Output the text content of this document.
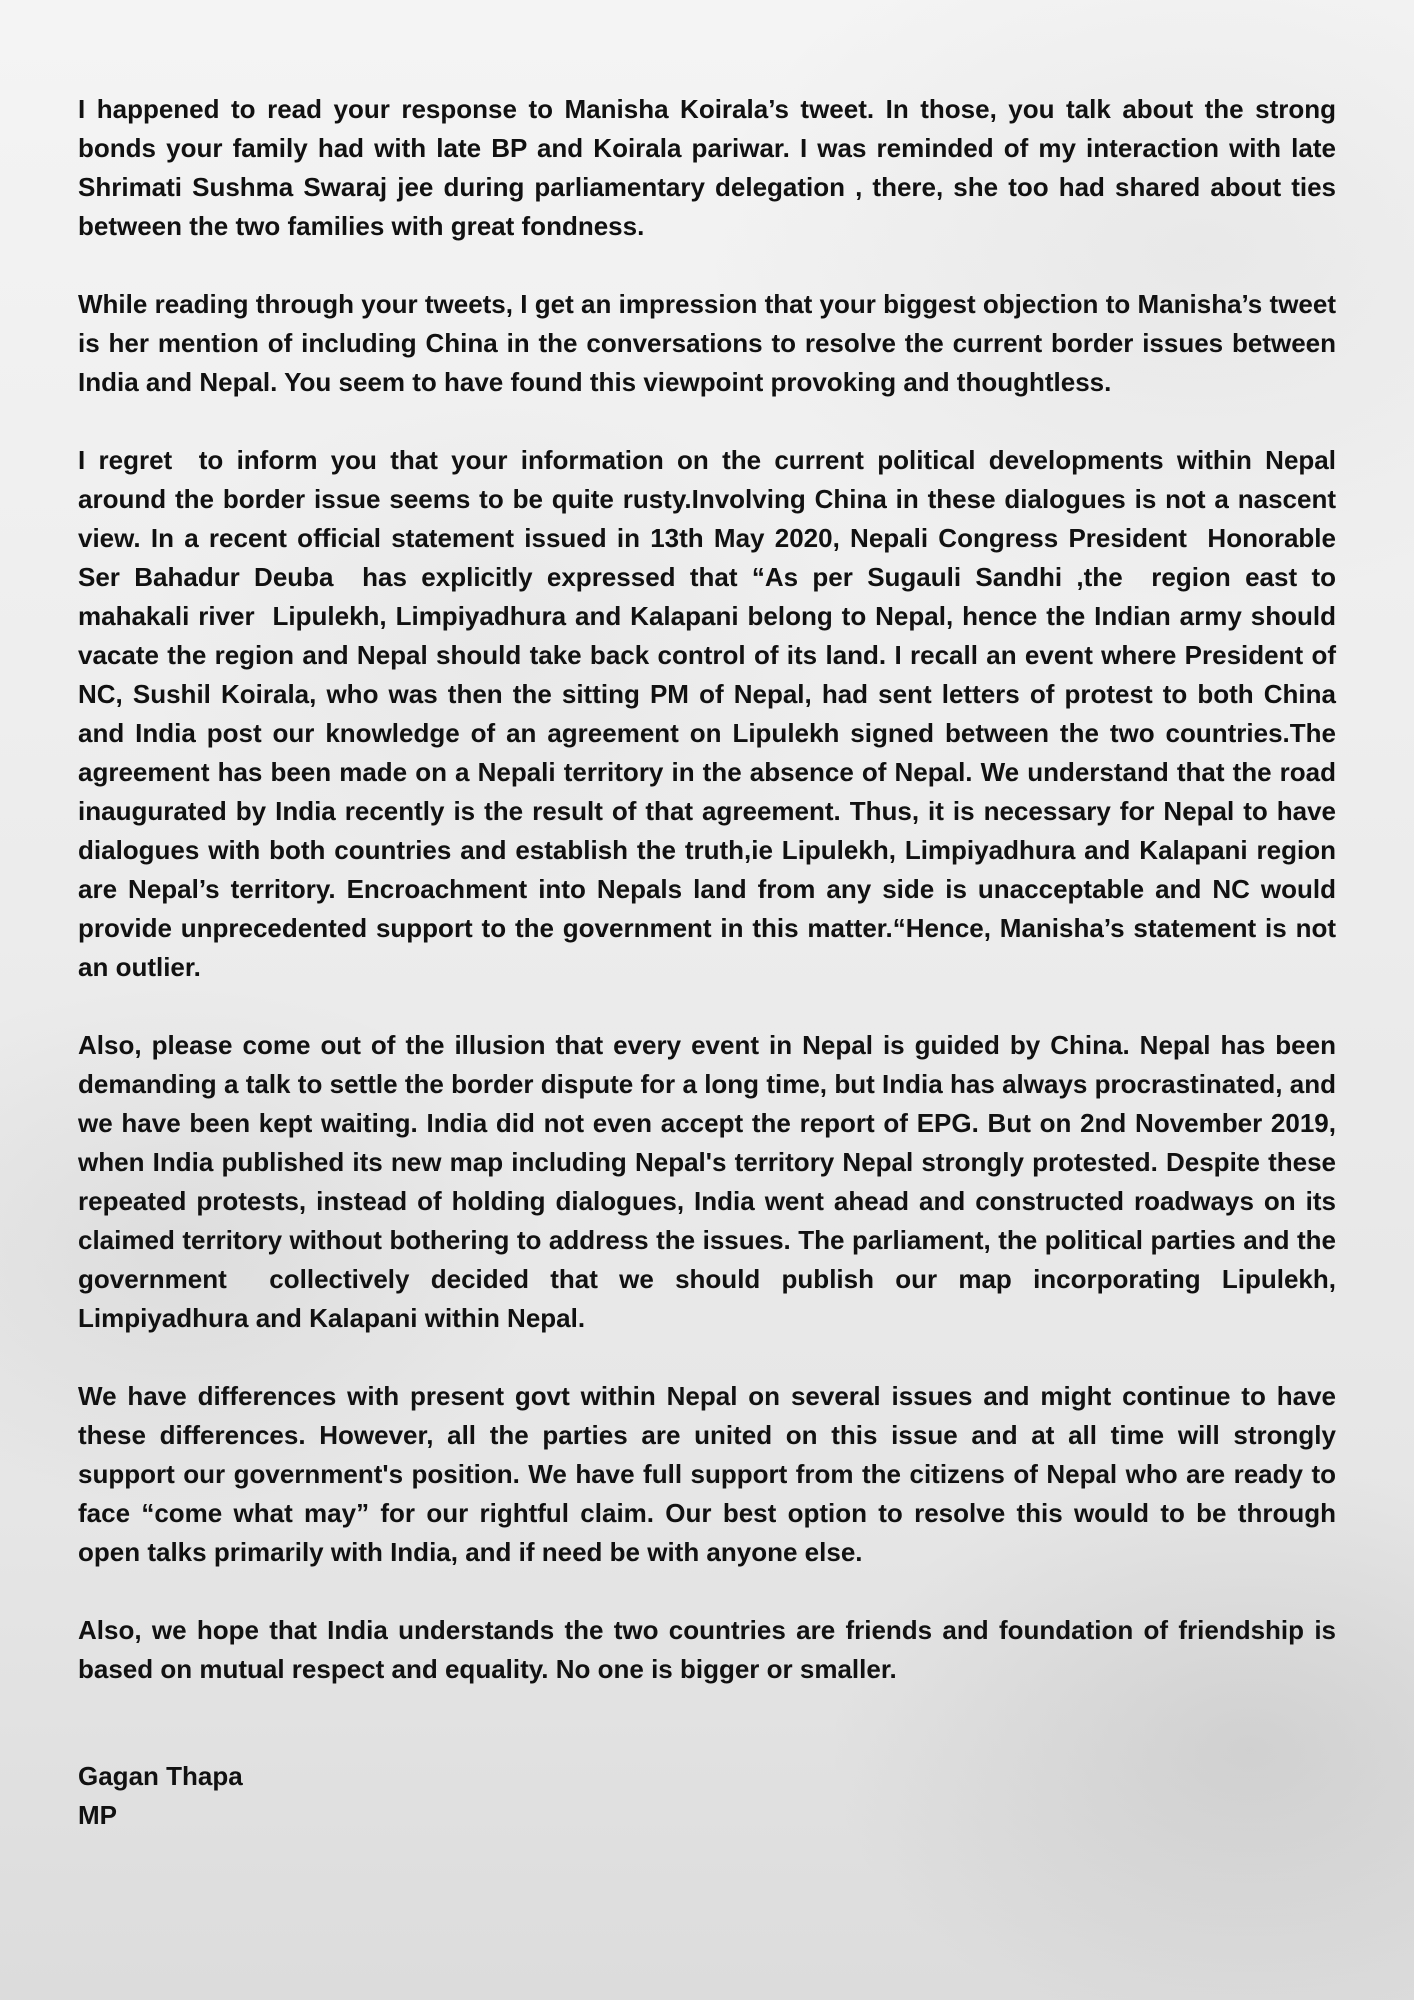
I happened to read your response to Manisha Koirala’s tweet. In those, you talk about the strong bonds your family had with late BP and Koirala pariwar. I was reminded of my interaction with late Shrimati Sushma Swaraj jee during parliamentary delegation , there, she too had shared about ties between the two families with great fondness.

While reading through your tweets, I get an impression that your biggest objection to Manisha’s tweet is her mention of including China in the conversations to resolve the current border issues between India and Nepal. You seem to have found this viewpoint provoking and thoughtless.

I regret  to inform you that your information on the current political developments within Nepal around the border issue seems to be quite rusty.Involving China in these dialogues is not a nascent view. In a recent official statement issued in 13th May 2020, Nepali Congress President  Honorable Ser Bahadur Deuba  has explicitly expressed that “As per Sugauli Sandhi ,the  region east to mahakali river  Lipulekh, Limpiyadhura and Kalapani belong to Nepal, hence the Indian army should vacate the region and Nepal should take back control of its land. I recall an event where President of NC, Sushil Koirala, who was then the sitting PM of Nepal, had sent letters of protest to both China and India post our knowledge of an agreement on Lipulekh signed between the two countries.The agreement has been made on a Nepali territory in the absence of Nepal. We understand that the road inaugurated by India recently is the result of that agreement. Thus, it is necessary for Nepal to have dialogues with both countries and establish the truth,ie Lipulekh, Limpiyadhura and Kalapani region are Nepal’s territory. Encroachment into Nepals land from any side is unacceptable and NC would provide unprecedented support to the government in this matter.“Hence, Manisha’s statement is not an outlier.

Also, please come out of the illusion that every event in Nepal is guided by China. Nepal has been demanding a talk to settle the border dispute for a long time, but India has always procrastinated, and we have been kept waiting. India did not even accept the report of EPG. But on 2nd November 2019, when India published its new map including Nepal's territory Nepal strongly protested. Despite these repeated protests, instead of holding dialogues, India went ahead and constructed roadways on its claimed territory without bothering to address the issues. The parliament, the political parties and the government  collectively decided that we should publish our map incorporating Lipulekh, Limpiyadhura and Kalapani within Nepal.

We have differences with present govt within Nepal on several issues and might continue to have these differences. However, all the parties are united on this issue and at all time will strongly support our government's position. We have full support from the citizens of Nepal who are ready to face “come what may” for our rightful claim. Our best option to resolve this would to be through open talks primarily with India, and if need be with anyone else.

Also, we hope that India understands the two countries are friends and foundation of friendship is based on mutual respect and equality. No one is bigger or smaller.

Gagan Thapa
MP
